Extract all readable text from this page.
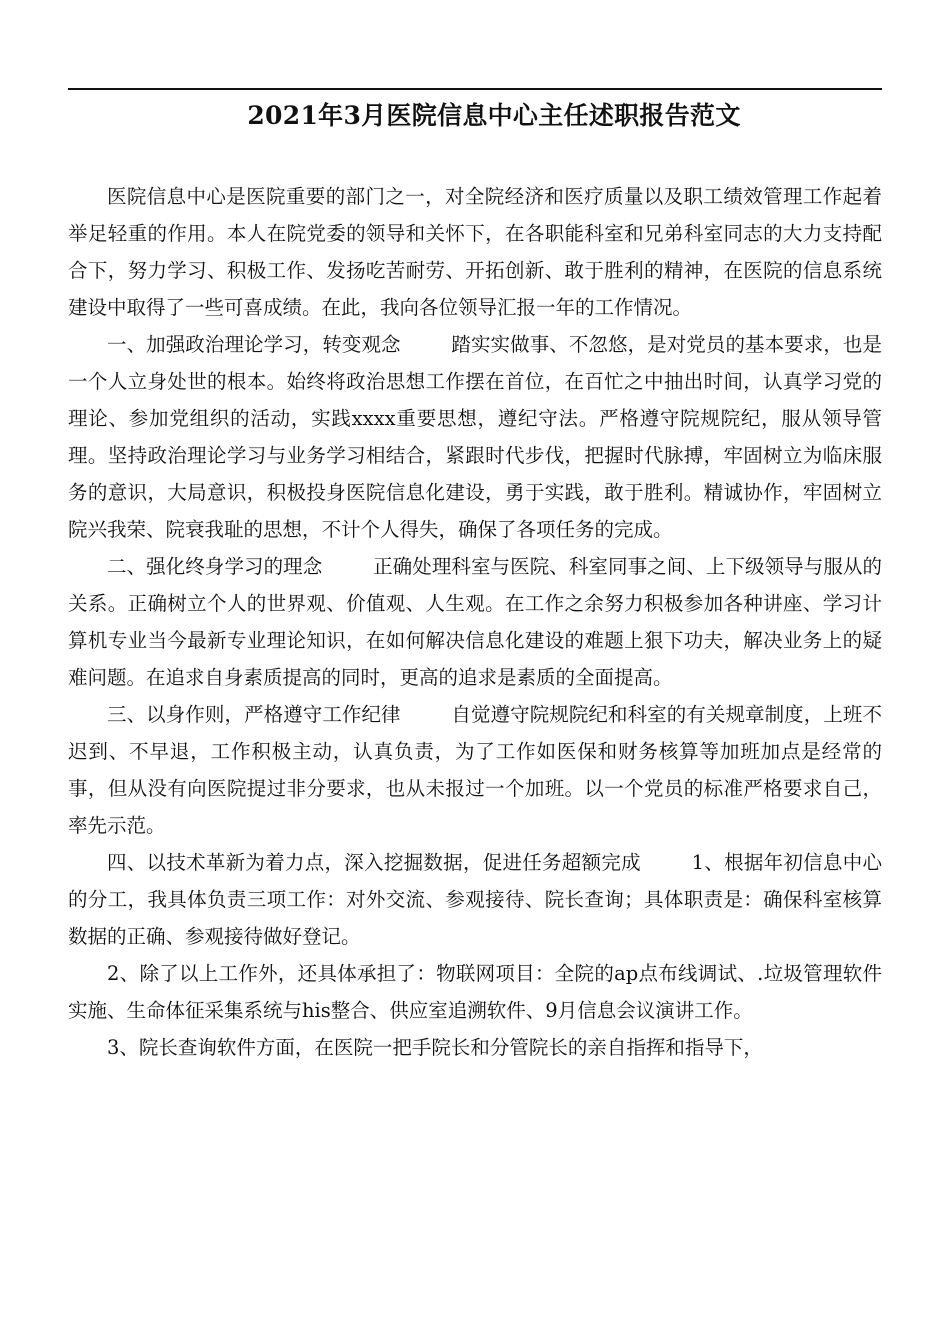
2021年3月医院信息中心主任述职报告范文

医院信息中心是医院重要的部门之一，对全院经济和医疗质量以及职工绩效管理工作起着举足轻重的作用。本人在院党委的领导和关怀下，在各职能科室和兄弟科室同志的大力支持配合下，努力学习、积极工作、发扬吃苦耐劳、开拓创新、敢于胜利的精神，在医院的信息系统建设中取得了一些可喜成绩。在此，我向各位领导汇报一年的工作情况。

一、加强政治理论学习，转变观念	踏实实做事、不忽悠，是对党员的基本要求，也是一个人立身处世的根本。始终将政治思想工作摆在首位，在百忙之中抽出时间，认真学习党的理论、参加党组织的活动，实践xxxx重要思想，遵纪守法。严格遵守院规院纪，服从领导管理。坚持政治理论学习与业务学习相结合，紧跟时代步伐，把握时代脉搏，牢固树立为临床服务的意识，大局意识，积极投身医院信息化建设，勇于实践，敢于胜利。精诚协作，牢固树立院兴我荣、院衰我耻的思想，不计个人得失，确保了各项任务的完成。

二、强化终身学习的理念	正确处理科室与医院、科室同事之间、上下级领导与服从的关系。正确树立个人的世界观、价值观、人生观。在工作之余努力积极参加各种讲座、学习计算机专业当今最新专业理论知识，在如何解决信息化建设的难题上狠下功夫，解决业务上的疑难问题。在追求自身素质提高的同时，更高的追求是素质的全面提高。

三、以身作则，严格遵守工作纪律	自觉遵守院规院纪和科室的有关规章制度，上班不迟到、不早退，工作积极主动，认真负责，为了工作如医保和财务核算等加班加点是经常的事，但从没有向医院提过非分要求，也从未报过一个加班。以一个党员的标准严格要求自己，率先示范。

四、以技术革新为着力点，深入挖掘数据，促进任务超额完成	1、根据年初信息中心的分工，我具体负责三项工作：对外交流、参观接待、院长查询；具体职责是：确保科室核算数据的正确、参观接待做好登记。

2、除了以上工作外，还具体承担了：物联网项目：全院的ap点布线调试、.垃圾管理软件实施、生命体征采集系统与his整合、供应室追溯软件、9月信息会议演讲工作。

3、院长查询软件方面，在医院一把手院长和分管院长的亲自指挥和指导下，
